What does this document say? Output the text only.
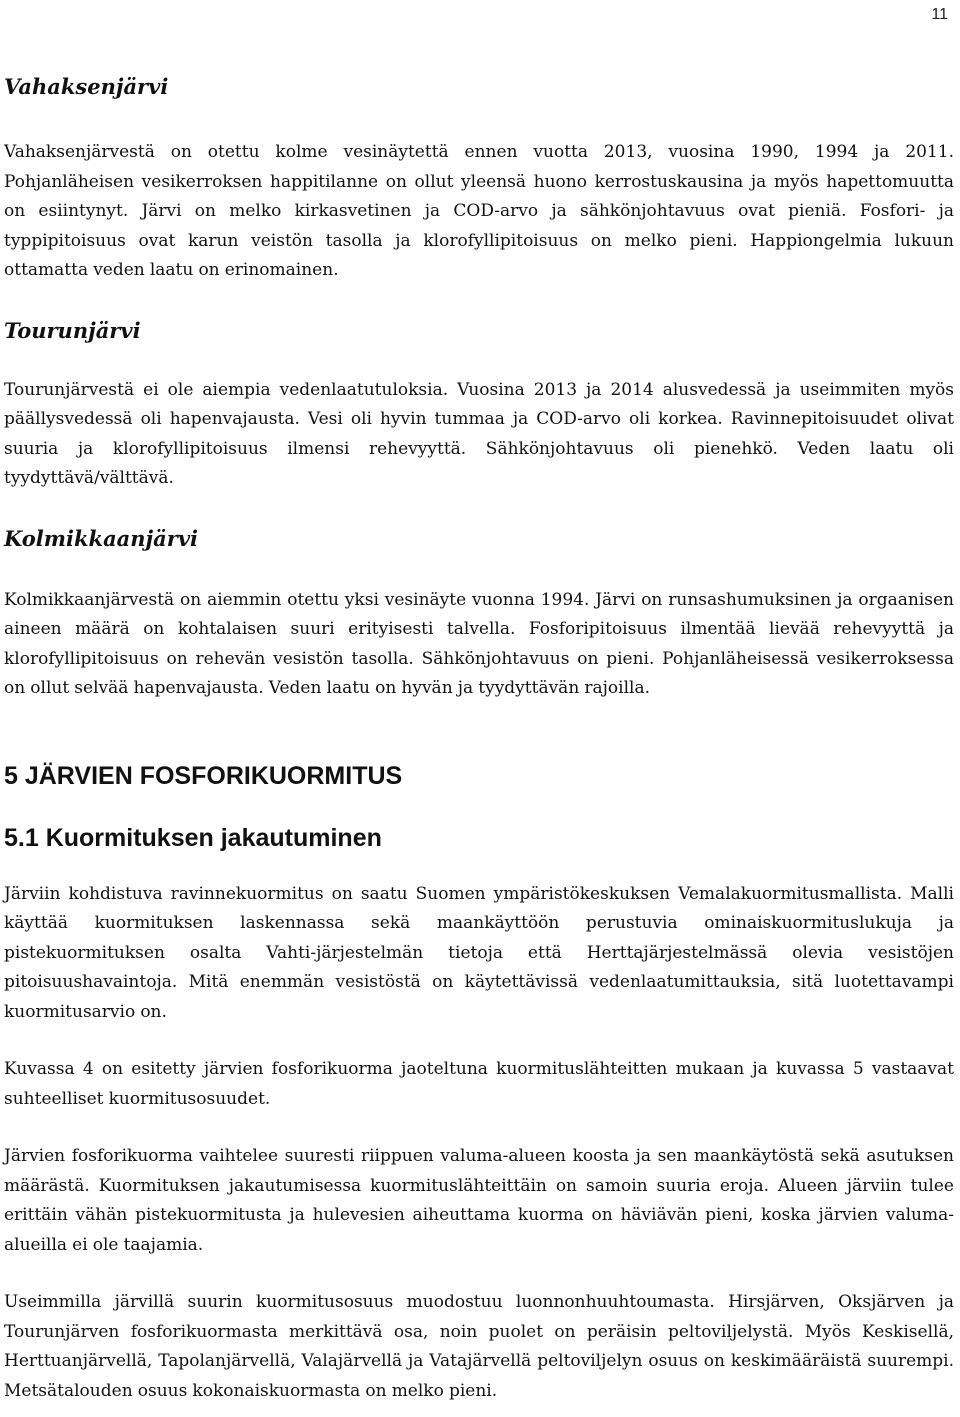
11
Vahaksenjärvi

Vahaksenjärvestä on otettu kolme vesinäytettä ennen vuotta 2013, vuosina 1990, 1994 ja 2011. Pohjanläheisen vesikerroksen happitilanne on ollut yleensä huono kerrostuskausina ja myös hapettomuutta on esiintynyt. Järvi on melko kirkasvetinen ja COD-arvo ja sähkönjohtavuus ovat pieniä. Fosfori- ja typpipitoisuus ovat karun veistön tasolla ja klorofyllipitoisuus on melko pieni. Happiongelmia lukuun ottamatta veden laatu on erinomainen.

Tourunjärvi

Tourunjärvestä ei ole aiempia vedenlaatutuloksia. Vuosina 2013 ja 2014 alusvedessä ja useimmiten myös päällysvedessä oli hapenvajausta. Vesi oli hyvin tummaa ja COD-arvo oli korkea. Ravinnepitoisuudet olivat suuria ja klorofyllipitoisuus ilmensi rehevyyttä. Sähkönjohtavuus oli pienehkö. Veden laatu oli tyydyttävä/välttävä.

Kolmikkaanjärvi

Kolmikkaanjärvestä on aiemmin otettu yksi vesinäyte vuonna 1994. Järvi on runsashumuksinen ja orgaanisen aineen määrä on kohtalaisen suuri erityisesti talvella. Fosforipitoisuus ilmentää lievää rehevyyttä ja klorofyllipitoisuus on rehevän vesistön tasolla. Sähkönjohtavuus on pieni. Pohjanläheisessä vesikerroksessa on ollut selvää hapenvajausta. Veden laatu on hyvän ja tyydyttävän rajoilla.

5 JÄRVIEN FOSFORIKUORMITUS
5.1 Kuormituksen jakautuminen

Järviin kohdistuva ravinnekuormitus on saatu Suomen ympäristökeskuksen Vemalakuormitusmallista. Malli käyttää kuormituksen laskennassa sekä maankäyttöön perustuvia ominaiskuormituslukuja ja pistekuormituksen osalta Vahti-järjestelmän tietoja että Herttajärjestelmässä olevia vesistöjen pitoisuushavaintoja. Mitä enemmän vesistöstä on käytettävissä vedenlaatumittauksia, sitä luotettavampi kuormitusarvio on.

Kuvassa 4 on esitetty järvien fosforikuorma jaoteltuna kuormituslähteitten mukaan ja kuvassa 5 vastaavat suhteelliset kuormitusosuudet.

Järvien fosforikuorma vaihtelee suuresti riippuen valuma-alueen koosta ja sen maankäytöstä sekä asutuksen määrästä. Kuormituksen jakautumisessa kuormituslähteittäin on samoin suuria eroja. Alueen järviin tulee erittäin vähän pistekuormitusta ja hulevesien aiheuttama kuorma on häviävän pieni, koska järvien valuma-alueilla ei ole taajamia.

Useimmilla järvillä suurin kuormitusosuus muodostuu luonnonhuuhtoumasta. Hirsjärven, Oksjärven ja Tourunjärven fosforikuormasta merkittävä osa, noin puolet on peräisin peltoviljelystä. Myös Keskisellä, Herttuanjärvellä, Tapolanjärvellä, Valajärvellä ja Vatajärvellä peltoviljelyn osuus on keskimääräistä suurempi. Metsätalouden osuus kokonaiskuormasta on melko pieni.
